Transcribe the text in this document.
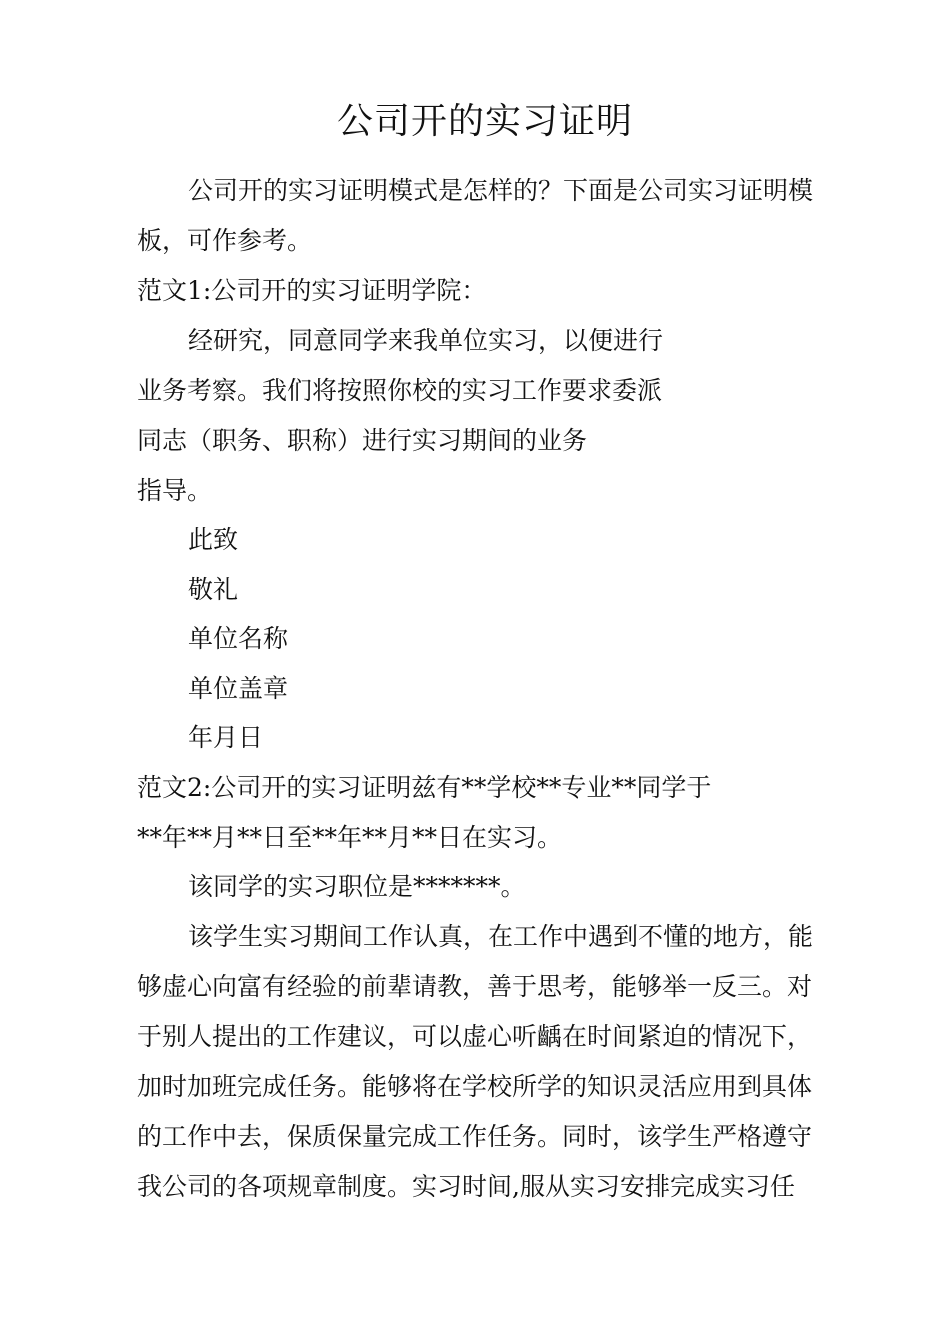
公司开的实习证明
公司开的实习证明模式是怎样的？下面是公司实习证明模
板，可作参考。
范文1:公司开的实习证明学院：
经研究，同意同学来我单位实习，以便进行
业务考察。我们将按照你校的实习工作要求委派
同志（职务、职称）进行实习期间的业务
指导。
此致
敬礼
单位名称
单位盖章
年月日
范文2:公司开的实习证明兹有**学校**专业**同学于
**年**月**日至**年**月**日在实习。
该同学的实习职位是*******。
该学生实习期间工作认真，在工作中遇到不懂的地方，能
够虚心向富有经验的前辈请教，善于思考，能够举一反三。对
于别人提出的工作建议，可以虚心听齲在时间紧迫的情况下，
加时加班完成任务。能够将在学校所学的知识灵活应用到具体
的工作中去，保质保量完成工作任务。同时，该学生严格遵守
我公司的各项规章制度。实习时间,服从实习安排完成实习任
